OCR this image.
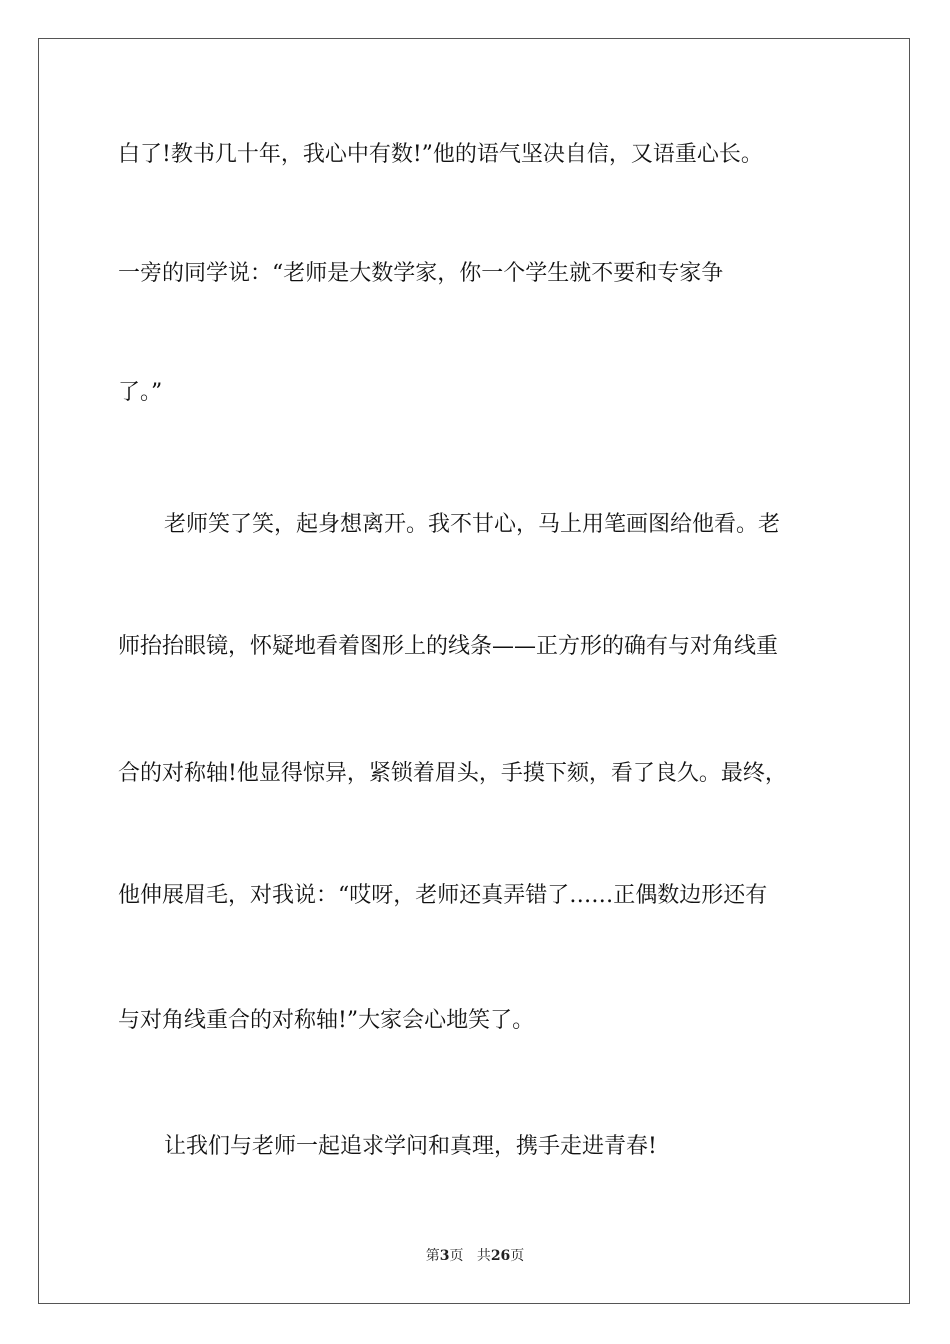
白了!教书几十年，我心中有数!”他的语气坚决自信，又语重心长。
一旁的同学说：“老师是大数学家，你一个学生就不要和专家争
了。”
老师笑了笑，起身想离开。我不甘心，马上用笔画图给他看。老
师抬抬眼镜，怀疑地看着图形上的线条——正方形的确有与对角线重
合的对称轴!他显得惊异，紧锁着眉头，手摸下颏，看了良久。最终，
他伸展眉毛，对我说：“哎呀，老师还真弄错了……正偶数边形还有
与对角线重合的对称轴!”大家会心地笑了。
让我们与老师一起追求学问和真理，携手走进青春!
第3页 共26页
